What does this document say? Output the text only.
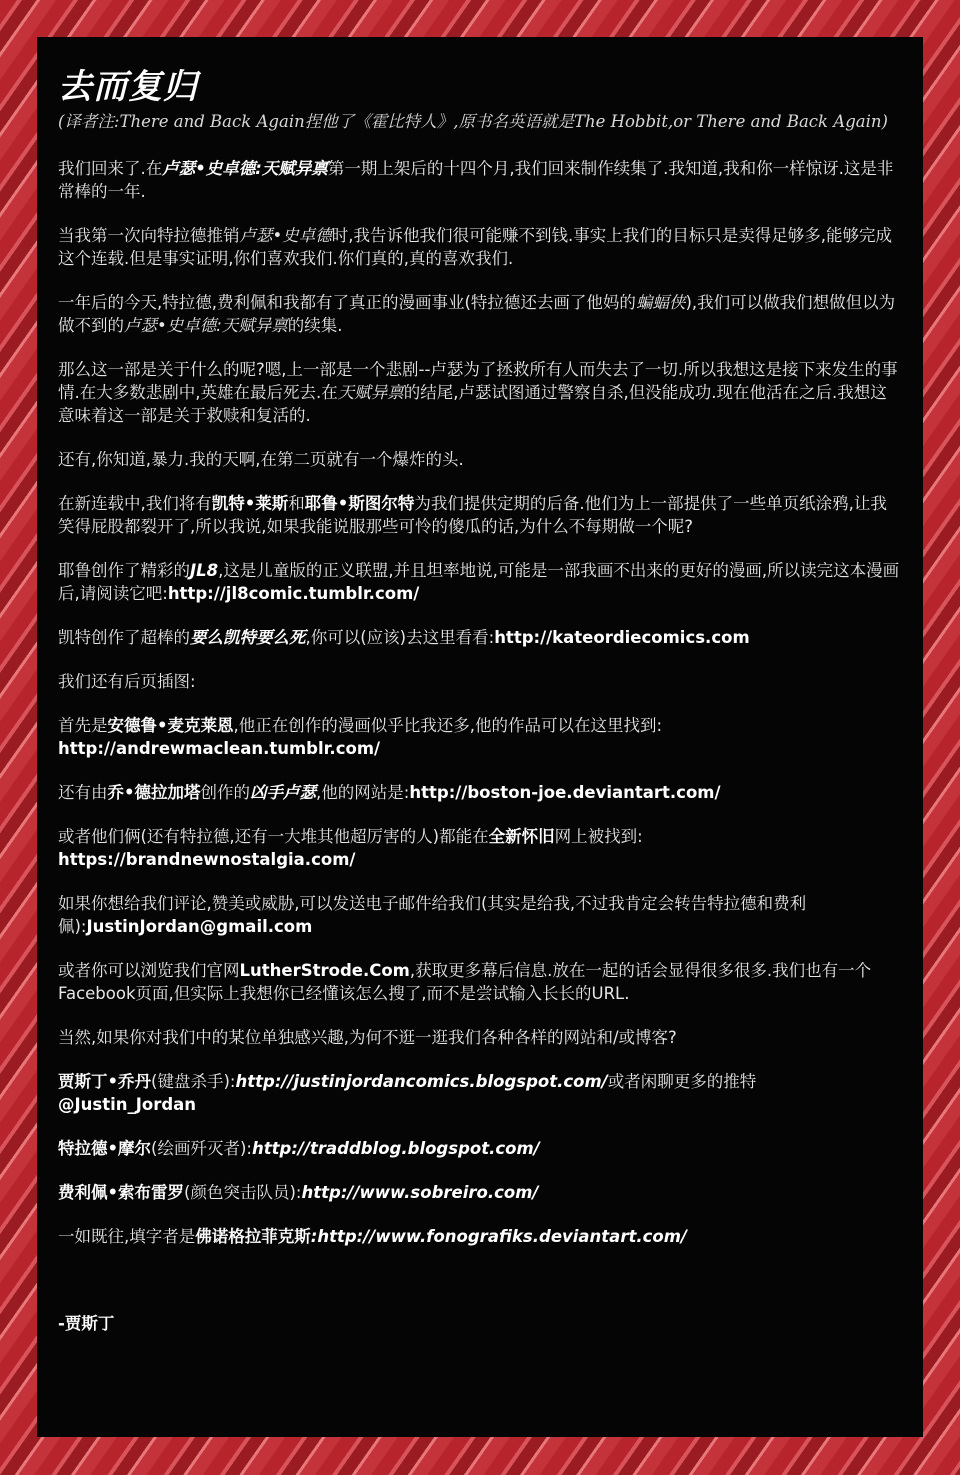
去而复归
(译者注:There and Back Again捏他了《霍比特人》,原书名英语就是The Hobbit,or There and Back Again)
我们回来了.在卢瑟•史卓德:天赋异禀第一期上架后的十四个月,我们回来制作续集了.我知道,我和你一样惊讶.这是非常棒的一年.
当我第一次向特拉德推销卢瑟•史卓德时,我告诉他我们很可能赚不到钱.事实上我们的目标只是卖得足够多,能够完成这个连载.但是事实证明,你们喜欢我们.你们真的,真的喜欢我们.
一年后的今天,特拉德,费利佩和我都有了真正的漫画事业(特拉德还去画了他妈的蝙蝠侠),我们可以做我们想做但以为做不到的卢瑟•史卓德:天赋异禀的续集.
那么这一部是关于什么的呢?嗯,上一部是一个悲剧--卢瑟为了拯救所有人而失去了一切.所以我想这是接下来发生的事情.在大多数悲剧中,英雄在最后死去.在天赋异禀的结尾,卢瑟试图通过警察自杀,但没能成功.现在他活在之后.我想这意味着这一部是关于救赎和复活的.
还有,你知道,暴力.我的天啊,在第二页就有一个爆炸的头.
在新连载中,我们将有凯特•莱斯和耶鲁•斯图尔特为我们提供定期的后备.他们为上一部提供了一些单页纸涂鸦,让我笑得屁股都裂开了,所以我说,如果我能说服那些可怜的傻瓜的话,为什么不每期做一个呢?
耶鲁创作了精彩的JL8,这是儿童版的正义联盟,并且坦率地说,可能是一部我画不出来的更好的漫画,所以读完这本漫画后,请阅读它吧:http://jl8comic.tumblr.com/
凯特创作了超棒的要么凯特要么死,你可以(应该)去这里看看:http://kateordiecomics.com
我们还有后页插图:
首先是安德鲁•麦克莱恩,他正在创作的漫画似乎比我还多,他的作品可以在这里找到:
http://andrewmaclean.tumblr.com/
还有由乔•德拉加塔创作的凶手卢瑟,他的网站是:http://boston-joe.deviantart.com/
或者他们俩(还有特拉德,还有一大堆其他超厉害的人)都能在全新怀旧网上被找到:
https://brandnewnostalgia.com/
如果你想给我们评论,赞美或威胁,可以发送电子邮件给我们(其实是给我,不过我肯定会转告特拉德和费利佩):JustinJordan@gmail.com
或者你可以浏览我们官网LutherStrode.Com,获取更多幕后信息.放在一起的话会显得很多很多.我们也有一个Facebook页面,但实际上我想你已经懂该怎么搜了,而不是尝试输入长长的URL.
当然,如果你对我们中的某位单独感兴趣,为何不逛一逛我们各种各样的网站和/或博客?
贾斯丁•乔丹(键盘杀手):http://justinjordancomics.blogspot.com/或者闲聊更多的推特
@Justin_Jordan
特拉德•摩尔(绘画歼灭者):http://traddblog.blogspot.com/
费利佩•索布雷罗(颜色突击队员):http://www.sobreiro.com/
一如既往,填字者是佛诺格拉菲克斯:http://www.fonografiks.deviantart.com/
-贾斯丁
